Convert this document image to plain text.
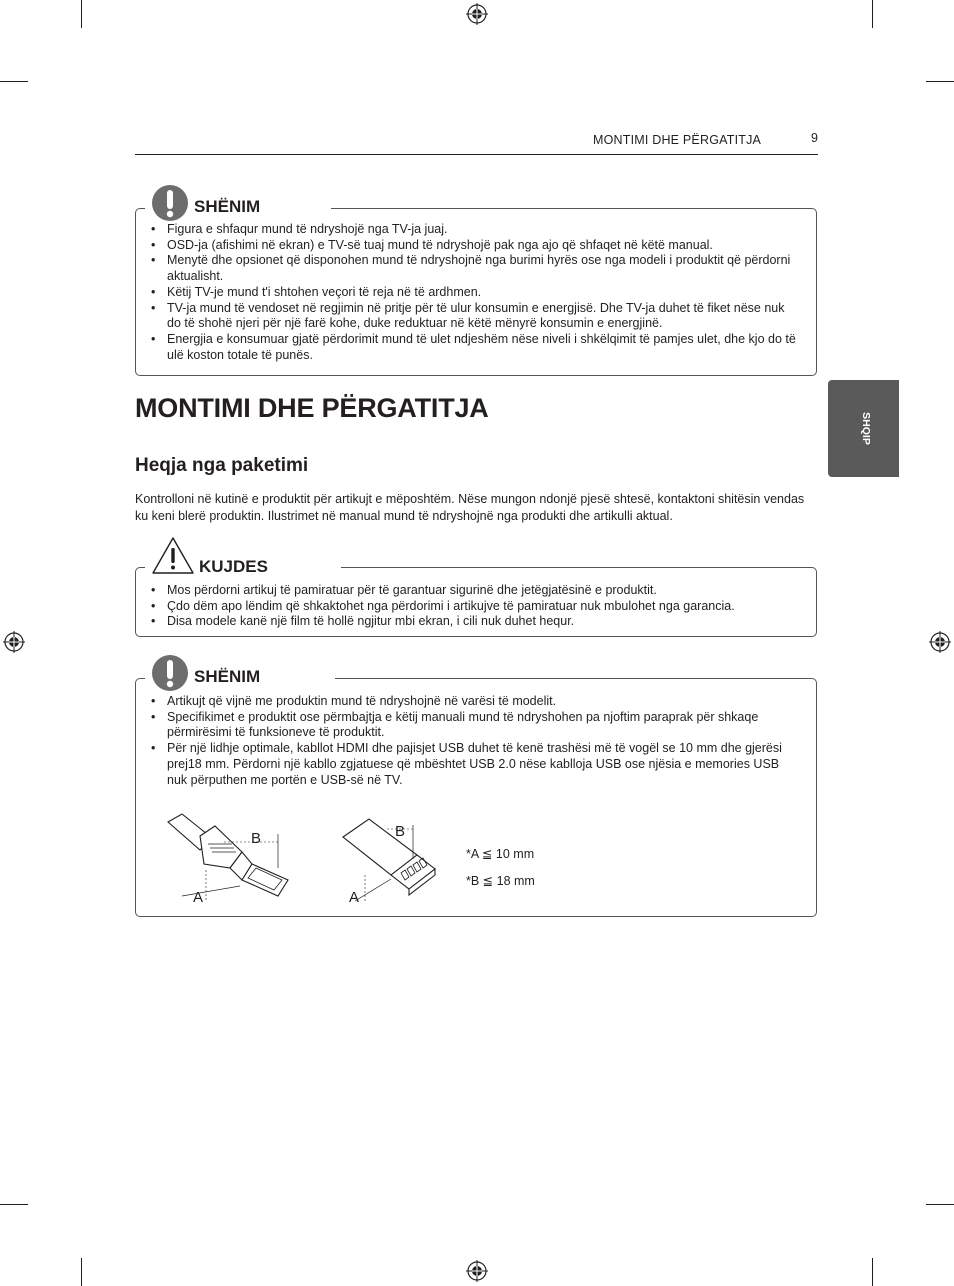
MONTIMI DHE PËRGATITJA	9
SHQIP
SHËNIM
• Figura e shfaqur mund të ndryshojë nga TV-ja juaj.
• OSD-ja (afishimi në ekran) e TV-së tuaj mund të ndryshojë pak nga ajo që shfaqet në këtë manual.
• Menytë dhe opsionet që disponohen mund të ndryshojnë nga burimi hyrës ose nga modeli i produktit që përdorni aktualisht.
• Këtij TV-je mund t'i shtohen veçori të reja në të ardhmen.
• TV-ja mund të vendoset në regjimin në pritje për të ulur konsumin e energjisë. Dhe TV-ja duhet të fiket nëse nuk do të shohë njeri për një farë kohe, duke reduktuar në këtë mënyrë konsumin e energjinë.
• Energjia e konsumuar gjatë përdorimit mund të ulet ndjeshëm nëse niveli i shkëlqimit të pamjes ulet, dhe kjo do të ulë koston totale të punës.
MONTIMI DHE PËRGATITJA
Heqja nga paketimi
Kontrolloni në kutinë e produktit për artikujt e mëposhtëm. Nëse mungon ndonjë pjesë shtesë, kontaktoni shitësin vendas ku keni blerë produktin. Ilustrimet në manual mund të ndryshojnë nga produkti dhe artikulli aktual.
KUJDES
• Mos përdorni artikuj të pamiratuar për të garantuar sigurinë dhe jetëgjatësinë e produktit.
• Çdo dëm apo lëndim që shkaktohet nga përdorimi i artikujve të pamiratuar nuk mbulohet nga garancia.
• Disa modele kanë një film të hollë ngjitur mbi ekran, i cili nuk duhet hequr.
SHËNIM
• Artikujt që vijnë me produktin mund të ndryshojnë në varësi të modelit.
• Specifikimet e produktit ose përmbajtja e këtij manuali mund të ndryshohen pa njoftim paraprak për shkaqe përmirësimi të funksioneve të produktit.
• Për një lidhje optimale, kabllot HDMI dhe pajisjet USB duhet të kenë trashësi më të vogël se 10 mm dhe gjerësi prej18 mm. Përdorni një kabllo zgjatuese që mbështet USB 2.0 nëse kablloja USB ose njësia e memories USB nuk përputhen me portën e USB-së në TV.
B
A
B
A
*A ≦ 10 mm
*B ≦ 18 mm
